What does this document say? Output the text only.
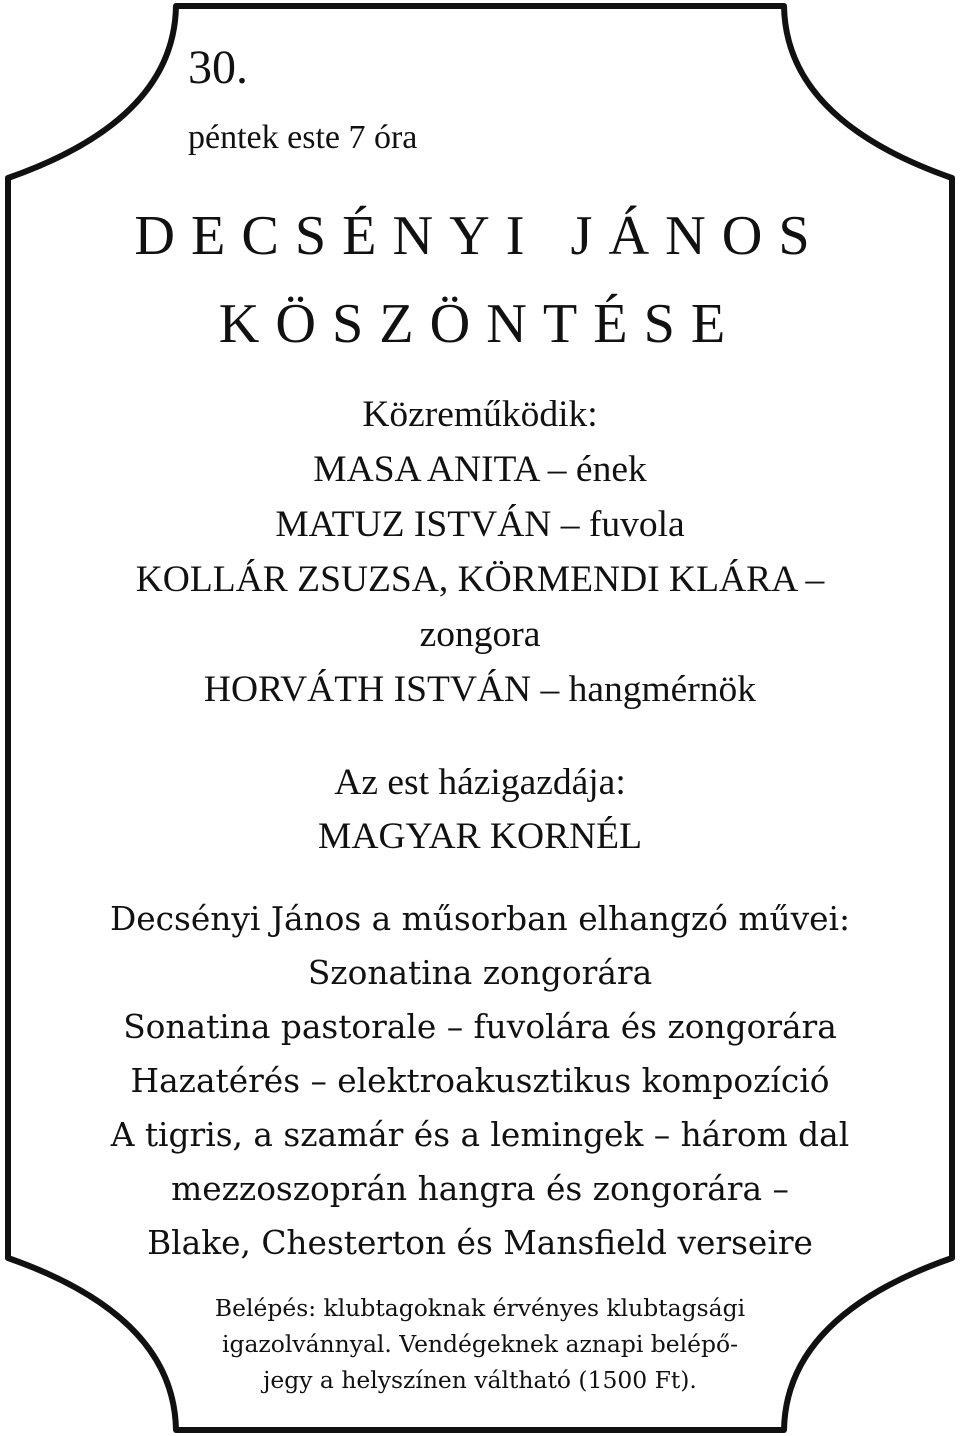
30.
péntek este 7 óra
DECSÉNYI JÁNOS
KÖSZÖNTÉSE
Közreműködik:
MASA ANITA – ének
MATUZ ISTVÁN – fuvola
KOLLÁR ZSUZSA, KÖRMENDI KLÁRA –
zongora
HORVÁTH ISTVÁN – hangmérnök
Az est házigazdája:
MAGYAR KORNÉL
Decsényi János a műsorban elhangzó művei:
Szonatina zongorára
Sonatina pastorale – fuvolára és zongorára
Hazatérés – elektroakusztikus kompozíció
A tigris, a szamár és a lemingek – három dal
mezzoszoprán hangra és zongorára –
Blake, Chesterton és Mansfield verseire
Belépés: klubtagoknak érvényes klubtagsági
igazolvánnyal. Vendégeknek aznapi belépő-
jegy a helyszínen váltható (1500 Ft).
